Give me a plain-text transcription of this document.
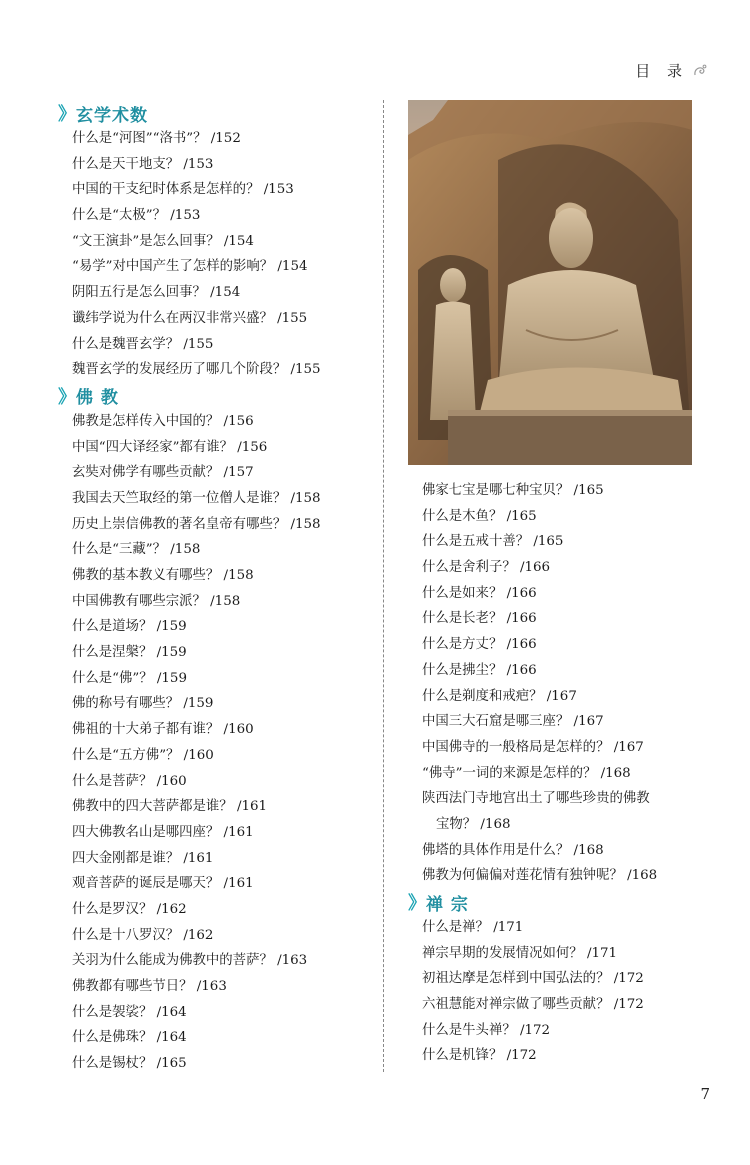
目 录
》 玄学术数
什么是“河图”“洛书”？ /152
什么是天干地支？ /153
中国的干支纪时体系是怎样的？ /153
什么是“太极”？ /153
“文王演卦”是怎么回事？ /154
“易学”对中国产生了怎样的影响？ /154
阴阳五行是怎么回事？ /154
谶纬学说为什么在两汉非常兴盛？ /155
什么是魏晋玄学？ /155
魏晋玄学的发展经历了哪几个阶段？ /155
》 佛 教
佛教是怎样传入中国的？ /156
中国“四大译经家”都有谁？ /156
玄奘对佛学有哪些贡献？ /157
我国去天竺取经的第一位僧人是谁？ /158
历史上崇信佛教的著名皇帝有哪些？ /158
什么是“三藏”？ /158
佛教的基本教义有哪些？ /158
中国佛教有哪些宗派？ /158
什么是道场？ /159
什么是涅槃？ /159
什么是“佛”？ /159
佛的称号有哪些？ /159
佛祖的十大弟子都有谁？ /160
什么是“五方佛”？ /160
什么是菩萨？ /160
佛教中的四大菩萨都是谁？ /161
四大佛教名山是哪四座？ /161
四大金刚都是谁？ /161
观音菩萨的诞辰是哪天？ /161
什么是罗汉？ /162
什么是十八罗汉？ /162
关羽为什么能成为佛教中的菩萨？ /163
佛教都有哪些节日？ /163
什么是袈裟？ /164
什么是佛珠？ /164
什么是锡杖？ /165
佛家七宝是哪七种宝贝？ /165
什么是木鱼？ /165
什么是五戒十善？ /165
什么是舍利子？ /166
什么是如来？ /166
什么是长老？ /166
什么是方丈？ /166
什么是拂尘？ /166
什么是剃度和戒疤？ /167
中国三大石窟是哪三座？ /167
中国佛寺的一般格局是怎样的？ /167
“佛寺”一词的来源是怎样的？ /168
陕西法门寺地宫出土了哪些珍贵的佛教
宝物？ /168
佛塔的具体作用是什么？ /168
佛教为何偏偏对莲花情有独钟呢？ /168
》 禅 宗
什么是禅？ /171
禅宗早期的发展情况如何？ /171
初祖达摩是怎样到中国弘法的？ /172
六祖慧能对禅宗做了哪些贡献？ /172
什么是牛头禅？ /172
什么是机锋？ /172
7
